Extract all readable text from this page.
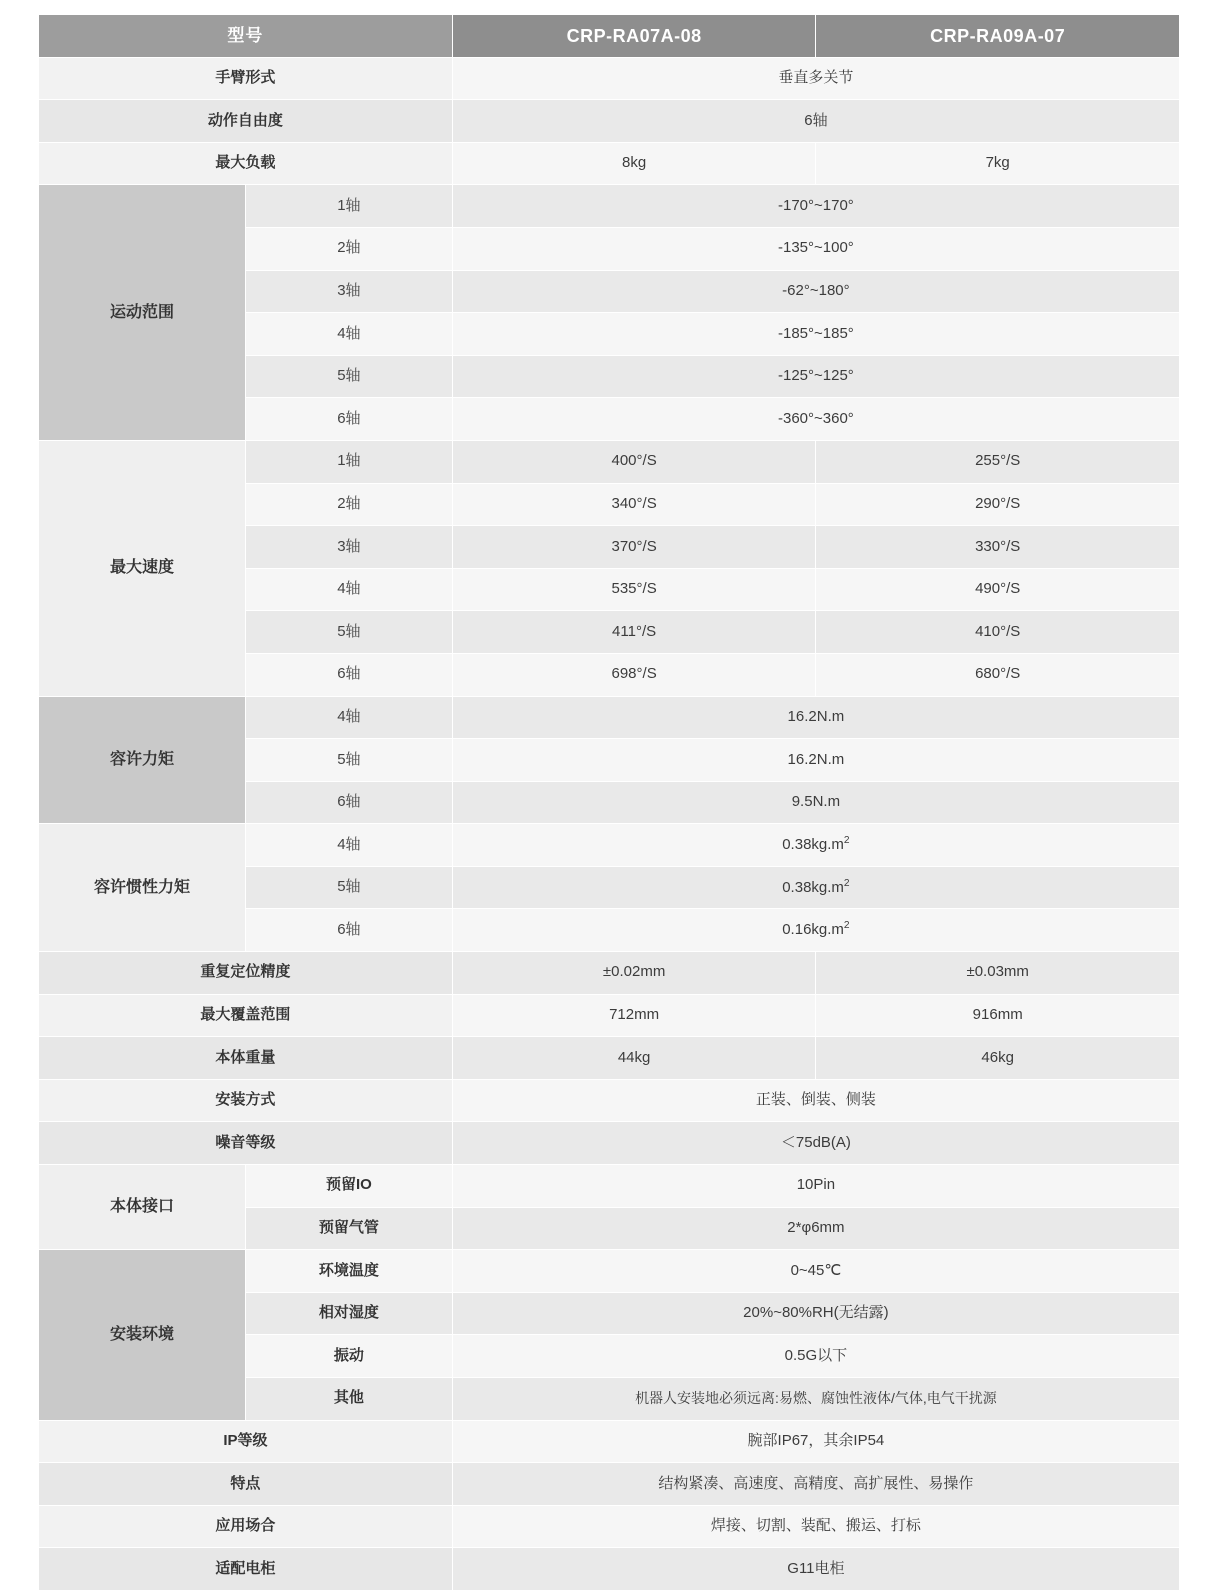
型号		CRP-RA07A-08	CRP-RA09A-07
手臂形式		垂直多关节	
动作自由度		6轴	
最大负载		8kg	7kg
运动范围	1轴	-170°~170°	
	2轴	-135°~100°	
	3轴	-62°~180°	
	4轴	-185°~185°	
	5轴	-125°~125°	
	6轴	-360°~360°	
最大速度	1轴	400°/S	255°/S
	2轴	340°/S	290°/S
	3轴	370°/S	330°/S
	4轴	535°/S	490°/S
	5轴	411°/S	410°/S
	6轴	698°/S	680°/S
容许力矩	4轴	16.2N.m	
	5轴	16.2N.m	
	6轴	9.5N.m	
容许惯性力矩	4轴	$0.38kg.m^2$
	5轴	$0.38kg.m^2$
	6轴	$0.16kg.m^2$
重复定位精度		±0.02mm	±0.03mm
最大覆盖范围		712mm	916mm
本体重量		44kg	46kg
安装方式		正装、倒装、侧装	
噪音等级		＜75dB(A)	
本体接口	预留IO	10Pin	
	预留气管	2*φ6mm	
安装环境	环境温度	0~45℃	
	相对湿度	20%~80%RH(无结露)	
	振动	0.5G以下	
	其他	机器人安装地必须远离:易燃、腐蚀性液体/气体,电气干扰源	
IP等级		腕部IP67，其余IP54	
特点		结构紧凑、高速度、高精度、高扩展性、易操作	
应用场合		焊接、切割、装配、搬运、打标	
适配电柜		G11电柜	
